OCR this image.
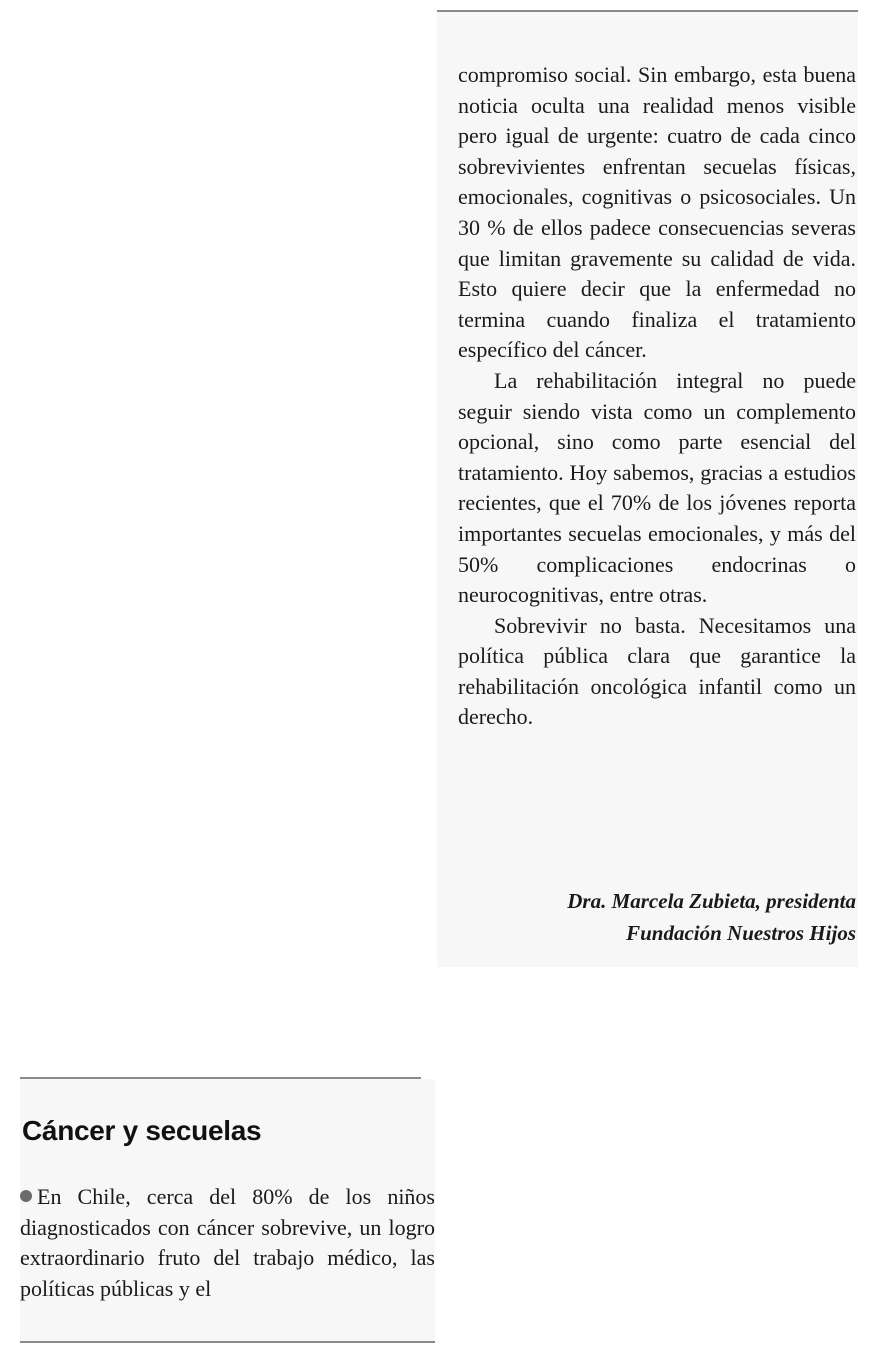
compromiso social. Sin embargo, esta buena noticia oculta una realidad menos visible pero igual de urgente: cuatro de cada cinco sobrevivientes enfrentan secuelas físicas, emocionales, cognitivas o psicosociales. Un 30 % de ellos padece consecuencias severas que limitan gravemente su calidad de vida. Esto quiere decir que la enfermedad no termina cuando finaliza el tratamiento específico del cáncer.

La rehabilitación integral no puede seguir siendo vista como un complemento opcional, sino como parte esencial del tratamiento. Hoy sabemos, gracias a estudios recientes, que el 70% de los jóvenes reporta importantes secuelas emocionales, y más del 50% complicaciones endocrinas o neurocognitivas, entre otras.

Sobrevivir no basta. Necesitamos una política pública clara que garantice la rehabilitación oncológica infantil como un derecho.

Dra. Marcela Zubieta, presidenta
Fundación Nuestros Hijos
Cáncer y secuelas

En Chile, cerca del 80% de los niños diagnosticados con cáncer sobrevive, un logro extraordinario fruto del trabajo médico, las políticas públicas y el
